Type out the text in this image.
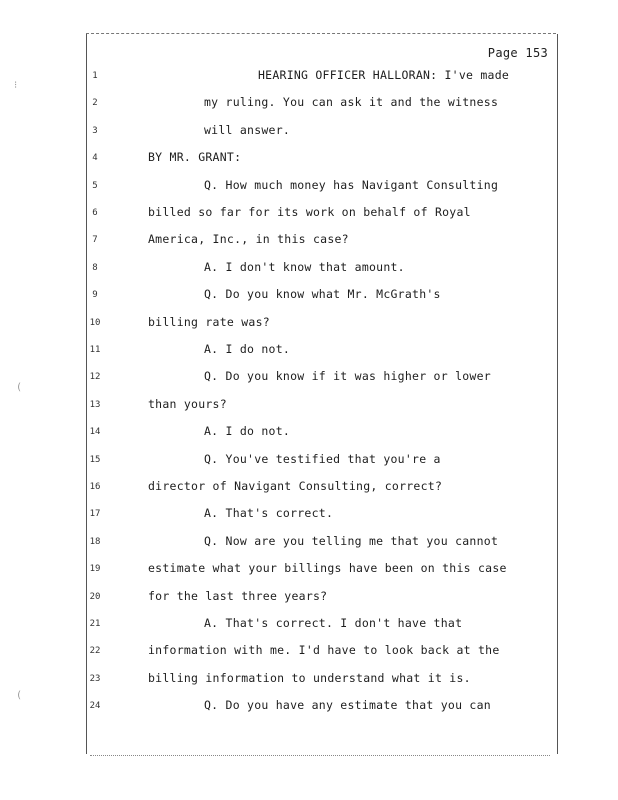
Page 153
1	HEARING OFFICER HALLORAN: I've made
2	my ruling. You can ask it and the witness
3	will answer.
4	BY MR. GRANT:
5	Q. How much money has Navigant Consulting
6	billed so far for its work on behalf of Royal
7	America, Inc., in this case?
8	A. I don't know that amount.
9	Q. Do you know what Mr. McGrath's
10	billing rate was?
11	A. I do not.
12	Q. Do you know if it was higher or lower
13	than yours?
14	A. I do not.
15	Q. You've testified that you're a
16	director of Navigant Consulting, correct?
17	A. That's correct.
18	Q. Now are you telling me that you cannot
19	estimate what your billings have been on this case
20	for the last three years?
21	A. That's correct. I don't have that
22	information with me. I'd have to look back at the
23	billing information to understand what it is.
24	Q. Do you have any estimate that you can
⁝
(
(
